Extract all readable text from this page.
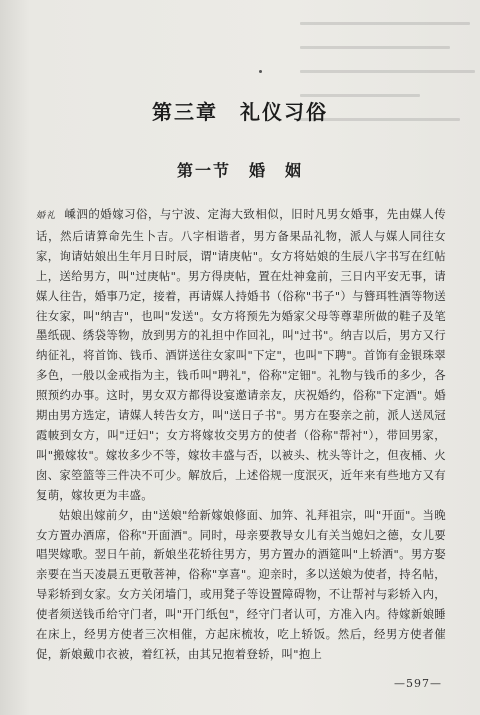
第三章　礼仪习俗
第一节　婚　姻

婚礼 嵊泗的婚嫁习俗，与宁波、定海大致相似，旧时凡男女婚事，先由媒人传话，然后请算命先生卜吉。八字相谐者，男方备果品礼物，派人与媒人同往女家，询请姑娘出生年月日时辰，谓"请庚帖"。女方将姑娘的生辰八字书写在红帖上，送给男方，叫"过庚帖"。男方得庚帖，置在灶神龛前，三日内平安无事，请媒人往告，婚事乃定，接着，再请媒人持婚书（俗称"书子"）与簪珥牲酒等物送往女家，叫"纳吉"，也叫"发送"。女方将预先为婚家父母等尊辈所做的鞋子及笔墨纸砚、绣袋等物，放到男方的礼担中作回礼，叫"过书"。纳吉以后，男方又行纳征礼，将首饰、钱币、酒饼送往女家叫"下定"，也叫"下聘"。首饰有金银珠翠多色，一般以金戒指为主，钱币叫"聘礼"，俗称"定钿"。礼物与钱币的多少，各照预约办事。这时，男女双方都得设宴邀请亲友，庆祝婚约，俗称"下定酒"。婚期由男方选定，请媒人转告女方，叫"送日子书"。男方在娶亲之前，派人送凤冠霞帔到女方，叫"迂妇"；女方将嫁妆交男方的使者（俗称"帮衬"），带回男家，叫"搬嫁妆"。嫁妆多少不等，嫁妆丰盛与否，以被头、枕头等计之，但夜桶、火囱、家箜篮等三件决不可少。解放后，上述俗规一度泯灭，近年来有些地方又有复萌，嫁妆更为丰盛。

姑娘出嫁前夕，由"送娘"给新嫁娘修面、加笄、礼拜祖宗，叫"开面"。当晚女方置办酒席，俗称"开面酒"。同时，母亲要教导女儿有关当媳妇之德，女儿要唱哭嫁歌。翌日午前，新娘坐花轿往男方，男方置办的酒筵叫"上轿酒"。男方娶亲要在当天凌晨五更敬菩神，俗称"享喜"。迎亲时，多以送娘为使者，持名帖，导彩轿到女家。女方关闭墙门，或用凳子等设置障碍物，不让帮衬与彩轿入内，使者须送钱币给守门者，叫"开门纸包"，经守门者认可，方准入内。待嫁新娘睡在床上，经男方使者三次相催，方起床梳妆，吃上轿饭。然后，经男方使者催促，新娘戴巾衣被，着红袄，由其兄抱着登轿，叫"抱上

—597—
